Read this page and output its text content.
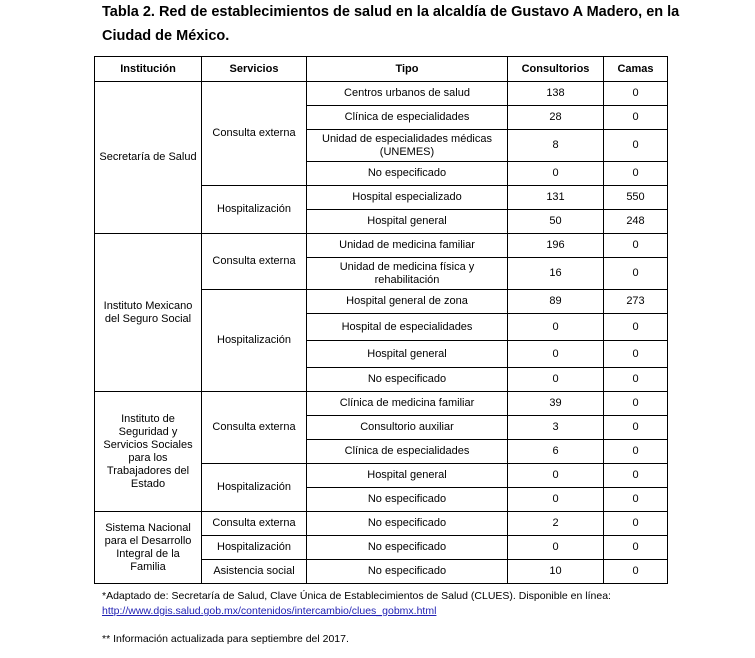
Tabla 2. Red de establecimientos de salud en la alcaldía de Gustavo A Madero, en la Ciudad de México.
Institución	Servicios	Tipo	Consultorios	Camas
Secretaría de Salud	Consulta externa	Centros urbanos de salud	138	0
		Clínica de especialidades	28	0
		Unidad de especialidades médicas (UNEMES)	8	0
		No especificado	0	0
	Hospitalización	Hospital especializado	131	550
		Hospital general	50	248
Instituto Mexicano del Seguro Social	Consulta externa	Unidad de medicina familiar	196	0
		Unidad de medicina física y rehabilitación	16	0
	Hospitalización	Hospital general de zona	89	273
		Hospital de especialidades	0	0
		Hospital general	0	0
		No especificado	0	0
Instituto de Seguridad y Servicios Sociales para los Trabajadores del Estado	Consulta externa	Clínica de medicina familiar	39	0
		Consultorio auxiliar	3	0
		Clínica de especialidades	6	0
	Hospitalización	Hospital general	0	0
		No especificado	0	0
Sistema Nacional para el Desarrollo Integral de la Familia	Consulta externa	No especificado	2	0
	Hospitalización	No especificado	0	0
	Asistencia social	No especificado	10	0

*Adaptado de: Secretaría de Salud, Clave Única de Establecimientos de Salud (CLUES). Disponible en línea:
http://www.dgis.salud.gob.mx/contenidos/intercambio/clues_gobmx.html

** Información actualizada para septiembre del 2017.
